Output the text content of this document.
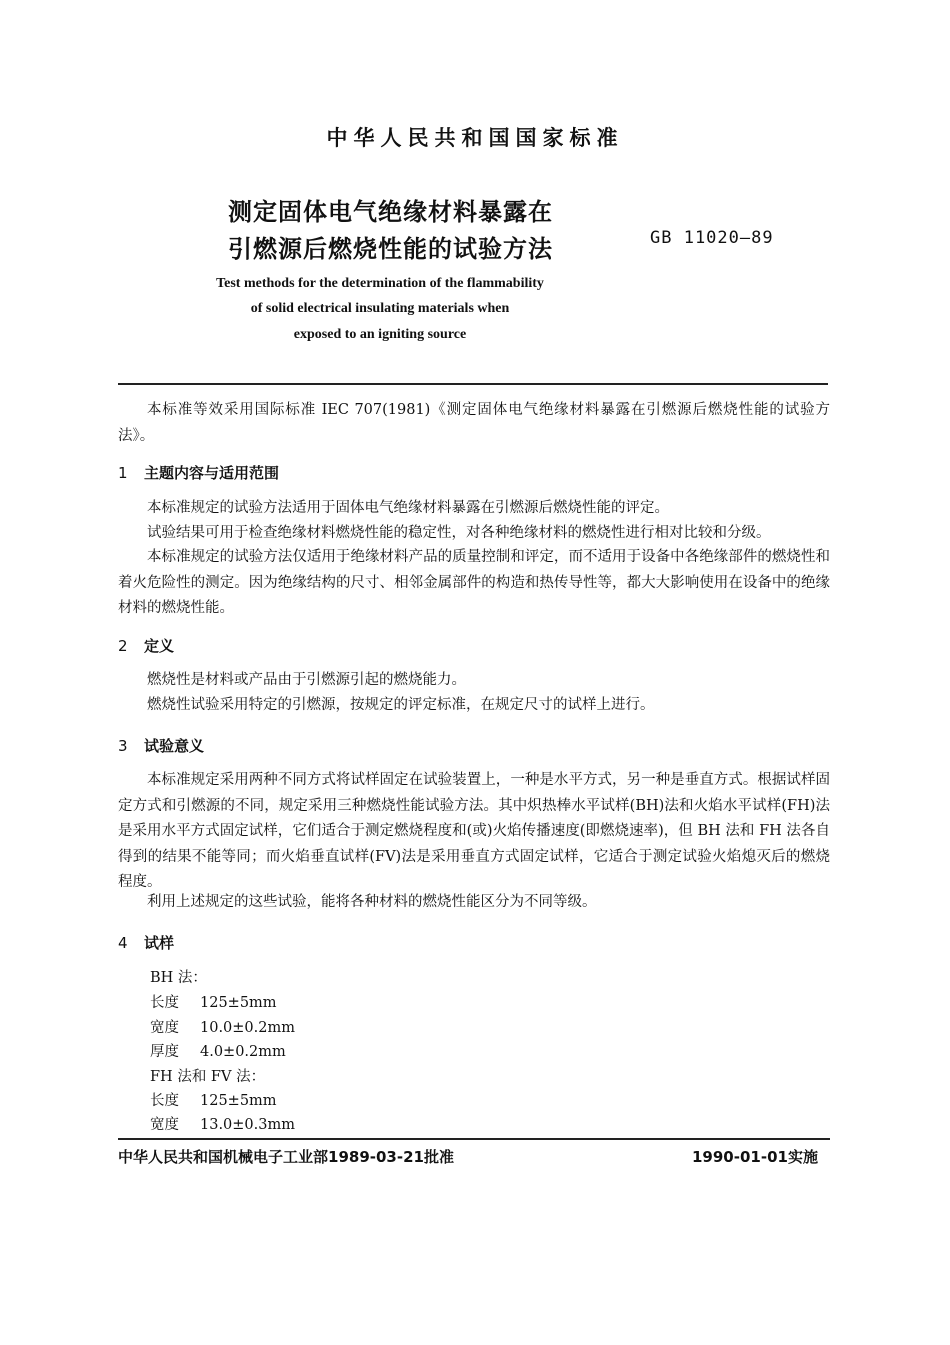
中华人民共和国国家标准
测定固体电气绝缘材料暴露在
引燃源后燃烧性能的试验方法	GB 11020—89
Test methods for the determination of the flammability
of solid electrical insulating materials when
exposed to an igniting source
本标准等效采用国际标准 IEC 707(1981)《测定固体电气绝缘材料暴露在引燃源后燃烧性能的试验方法》。
1 主题内容与适用范围
本标准规定的试验方法适用于固体电气绝缘材料暴露在引燃源后燃烧性能的评定。
试验结果可用于检查绝缘材料燃烧性能的稳定性，对各种绝缘材料的燃烧性进行相对比较和分级。
本标准规定的试验方法仅适用于绝缘材料产品的质量控制和评定，而不适用于设备中各绝缘部件的燃烧性和着火危险性的测定。因为绝缘结构的尺寸、相邻金属部件的构造和热传导性等，都大大影响使用在设备中的绝缘材料的燃烧性能。
2 定义
燃烧性是材料或产品由于引燃源引起的燃烧能力。
燃烧性试验采用特定的引燃源，按规定的评定标准，在规定尺寸的试样上进行。
3 试验意义
本标准规定采用两种不同方式将试样固定在试验装置上，一种是水平方式，另一种是垂直方式。根据试样固定方式和引燃源的不同，规定采用三种燃烧性能试验方法。其中炽热棒水平试样(BH)法和火焰水平试样(FH)法是采用水平方式固定试样，它们适合于测定燃烧程度和(或)火焰传播速度(即燃烧速率)，但 BH 法和 FH 法各自得到的结果不能等同；而火焰垂直试样(FV)法是采用垂直方式固定试样，它适合于测定试验火焰熄灭后的燃烧程度。
利用上述规定的这些试验，能将各种材料的燃烧性能区分为不同等级。
4 试样
BH 法：
长度 125±5mm
宽度 10.0±0.2mm
厚度 4.0±0.2mm
FH 法和 FV 法：
长度 125±5mm
宽度 13.0±0.3mm
中华人民共和国机械电子工业部1989-03-21批准	1990-01-01实施
